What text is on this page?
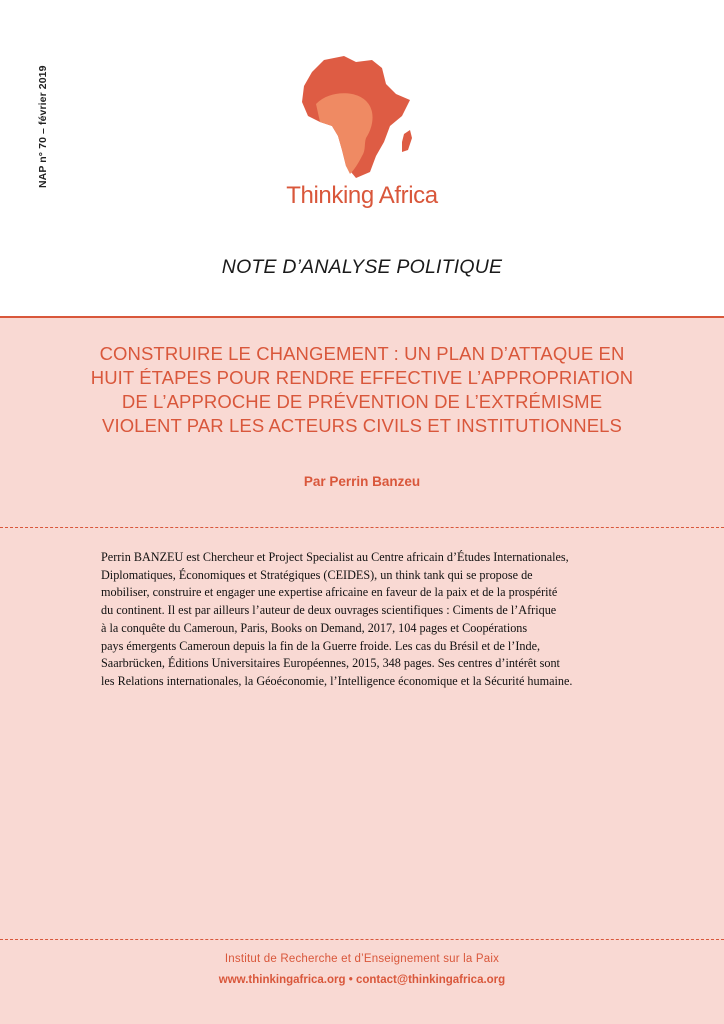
NAP n° 70 – février 2019
Thinking Africa
NOTE D’ANALYSE POLITIQUE
CONSTRUIRE LE CHANGEMENT : UN PLAN D’ATTAQUE EN
HUIT ÉTAPES POUR RENDRE EFFECTIVE L’APPROPRIATION
DE L’APPROCHE DE PRÉVENTION DE L’EXTRÉMISME
VIOLENT PAR LES ACTEURS CIVILS ET INSTITUTIONNELS
Par Perrin Banzeu
Perrin BANZEU est Chercheur et Project Specialist au Centre africain d’Études Internationales,
Diplomatiques, Économiques et Stratégiques (CEIDES), un think tank qui se propose de
mobiliser, construire et engager une expertise africaine en faveur de la paix et de la prospérité
du continent. Il est par ailleurs l’auteur de deux ouvrages scientifiques : Ciments de l’Afrique
à la conquête du Cameroun, Paris, Books on Demand, 2017, 104 pages et Coopérations
pays émergents Cameroun depuis la fin de la Guerre froide. Les cas du Brésil et de l’Inde,
Saarbrücken, Éditions Universitaires Européennes, 2015, 348 pages. Ses centres d’intérêt sont
les Relations internationales, la Géoéconomie, l’Intelligence économique et la Sécurité humaine.
Institut de Recherche et d’Enseignement sur la Paix
www.thinkingafrica.org • contact@thinkingafrica.org
